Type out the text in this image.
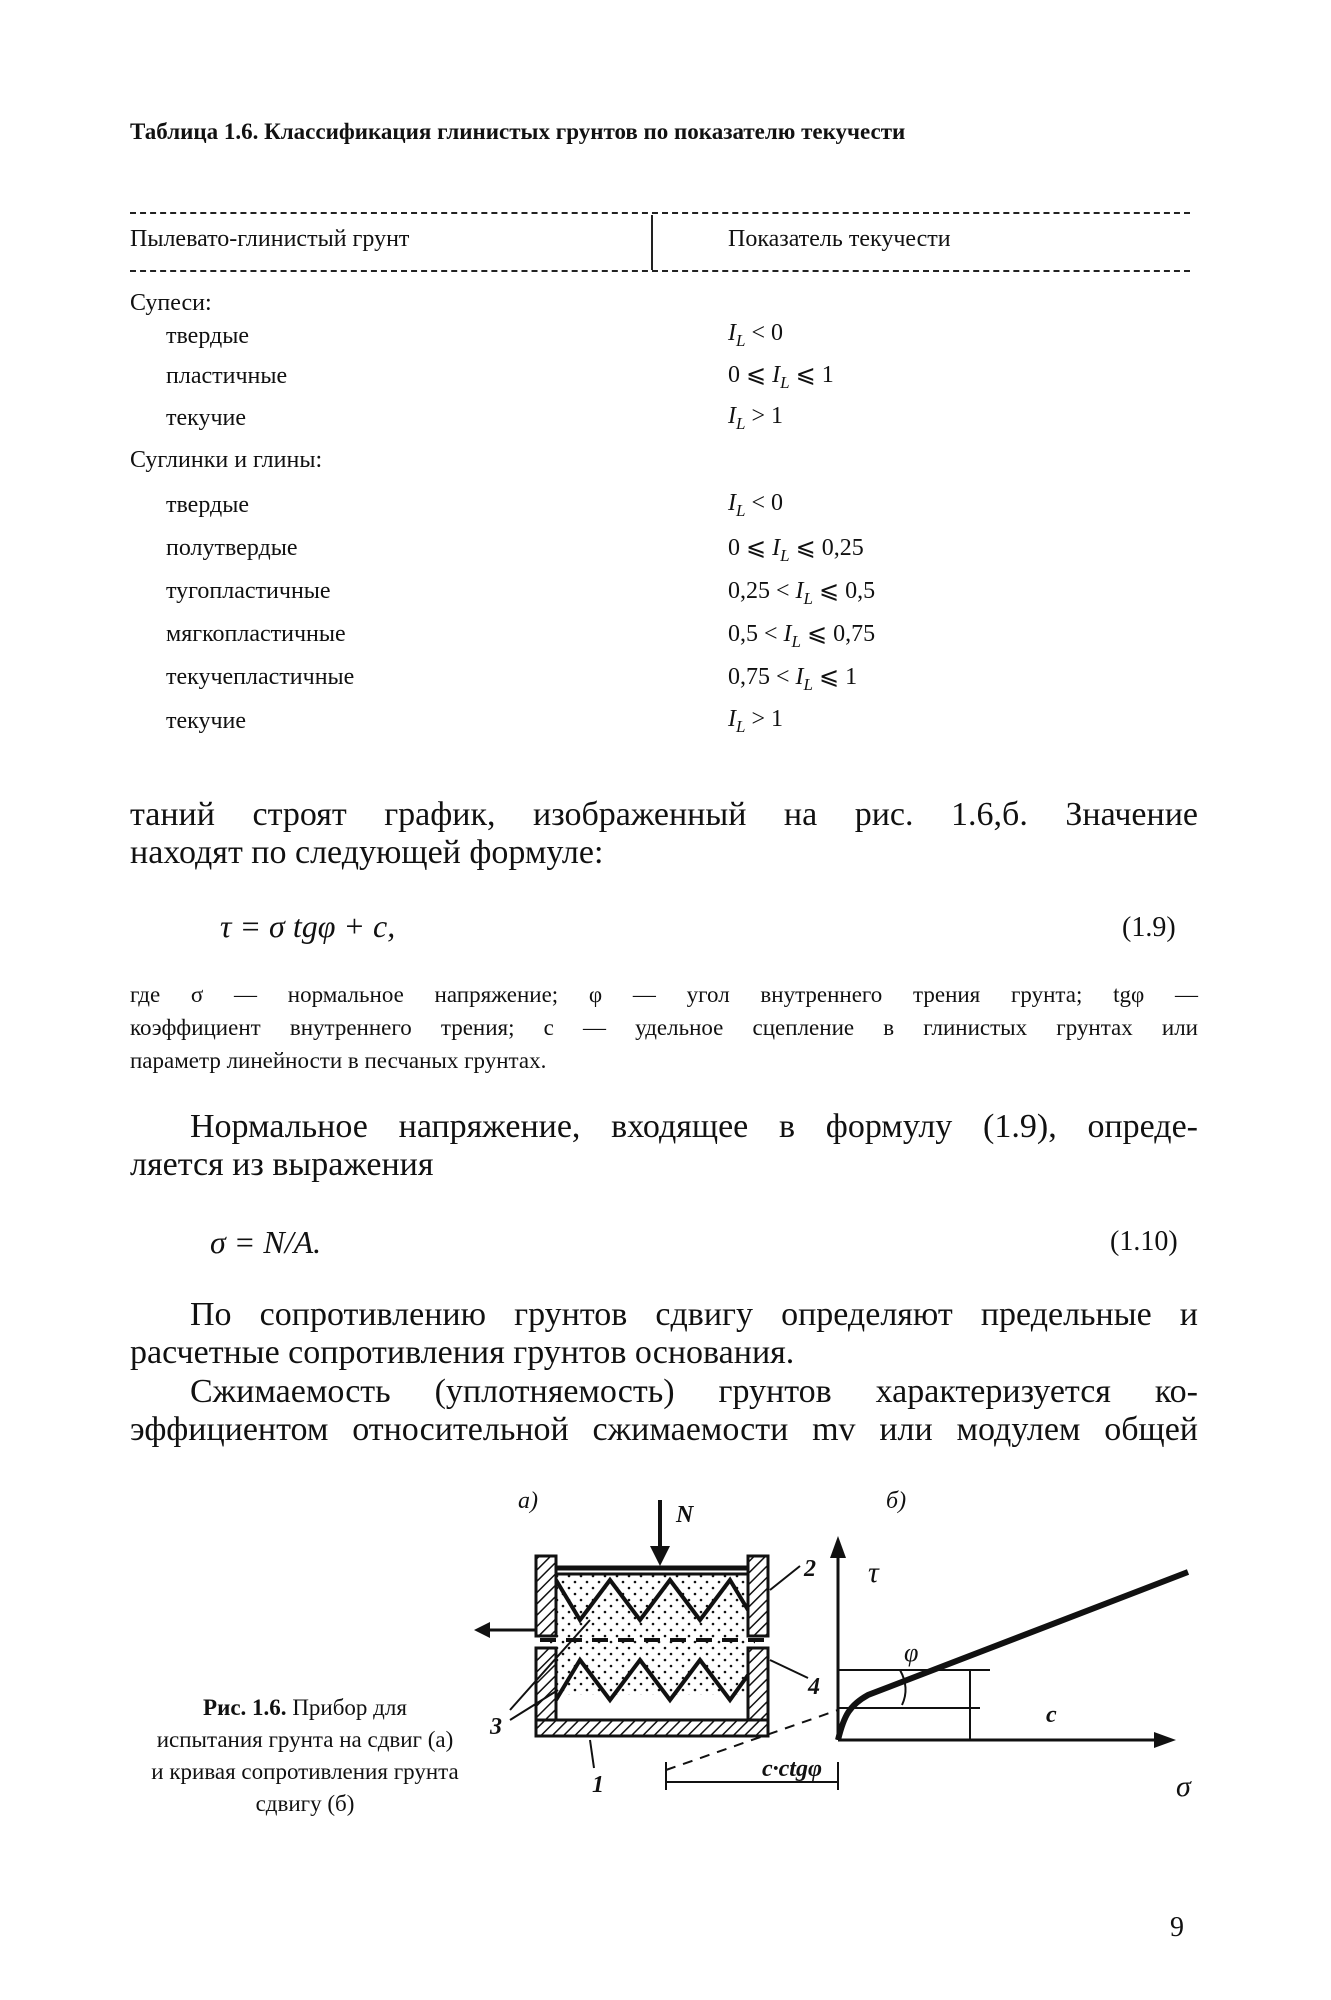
Таблица 1.6. Классификация глинистых грунтов по показателю текучести
Пылевато-глинистый грунт	Показатель текучести
Супеси:
твердые	$I_L < 0$
пластичные	0 ⩽ $I_L$ ⩽ 1
текучие	$I_L > 1$
Суглинки и глины:
твердые	$I_L < 0$
полутвердые	0 ⩽ $I_L$ ⩽ 0,25
тугопластичные	$0,25 < I_L$ ⩽ 0,5
мягкопластичные	$0,5 < I_L$ ⩽ 0,75
текучепластичные	$0,75 < I_L$ ⩽ 1
текучие	$I_L > 1$
таний строят график, изображенный на рис. 1.6,б. Значение
находят по следующей формуле:
τ = σ tgφ + c,	(1.9)
где σ — нормальное напряжение; φ — угол внутреннего трения грунта; tgφ —
коэффициент внутреннего трения; c — удельное сцепление в глинистых грунтах или
параметр линейности в песчаных грунтах.
Нормальное напряжение, входящее в формулу (1.9), опреде-
ляется из выражения
σ = N/A.	(1.10)
По сопротивлению грунтов сдвигу определяют предельные и
расчетные сопротивления грунтов основания.
Сжимаемость (уплотняемость) грунтов характеризуется ко-
эффициентом относительной сжимаемости mv или модулем общей
а)	б)
N
2
4
3
1
τ
σ
φ
c
c·ctgφ
Рис. 1.6. Прибор для испытания грунта на сдвиг (а) и кривая сопротивления грунта сдвигу (б)
9
